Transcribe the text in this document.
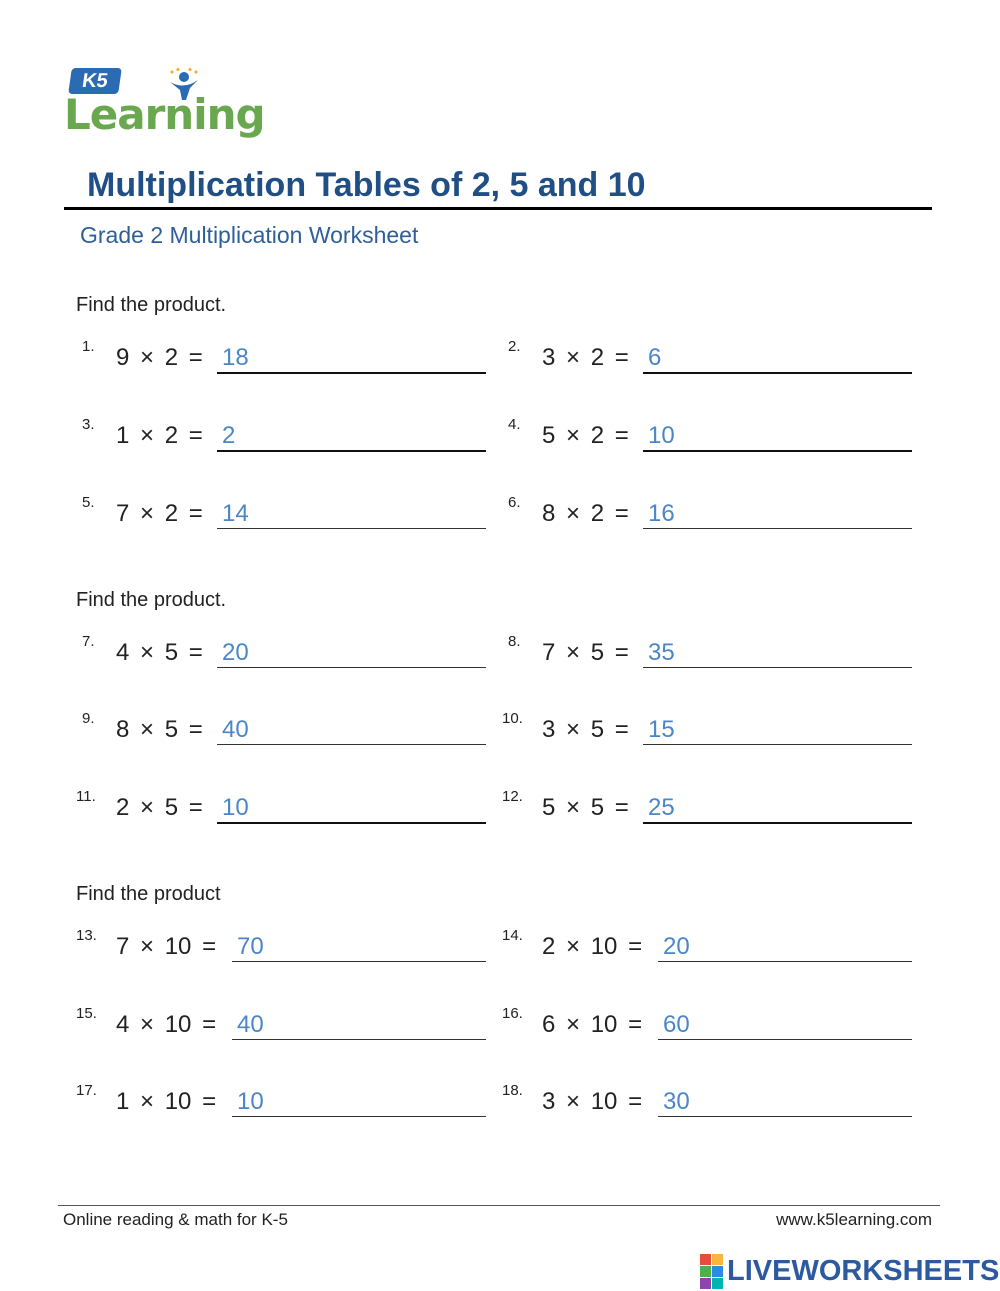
K5
Learning
Multiplication Tables of 2, 5 and 10
Grade 2 Multiplication Worksheet
Find the product.
Find the product.
Find the product
1. 9 × 2 = 18	2. 3 × 2 = 6
3. 1 × 2 = 2	4. 5 × 2 = 10
5. 7 × 2 = 14	6. 8 × 2 = 16
7. 4 × 5 = 20	8. 7 × 5 = 35
9. 8 × 5 = 40	10. 3 × 5 = 15
11. 2 × 5 = 10	12. 5 × 5 = 25
13. 7 × 10 = 70	14. 2 × 10 = 20
15. 4 × 10 = 40	16. 6 × 10 = 60
17. 1 × 10 = 10	18. 3 × 10 = 30
Online reading & math for K-5	www.k5learning.com
LIVEWORKSHEETS
